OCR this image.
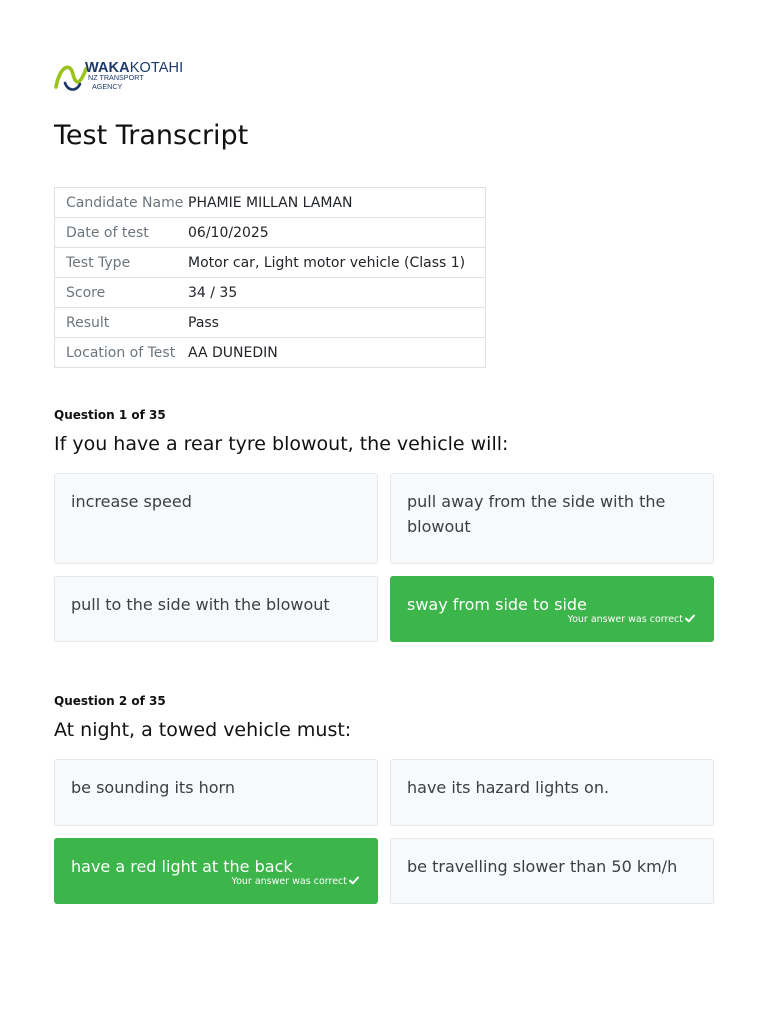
WAKAKOTAHI
NZ TRANSPORT
AGENCY
Test Transcript
Candidate Name	PHAMIE MILLAN LAMAN
Date of test	06/10/2025
Test Type	Motor car, Light motor vehicle (Class 1)
Score	34 / 35
Result	Pass
Location of Test	AA DUNEDIN
Question 1 of 35
If you have a rear tyre blowout, the vehicle will:
increase speed	pull away from the side with the blowout
pull to the side with the blowout	sway from side to side
Your answer was correct
Question 2 of 35
At night, a towed vehicle must:
be sounding its horn	have its hazard lights on.
have a red light at the back
Your answer was correct
be travelling slower than 50 km/h
